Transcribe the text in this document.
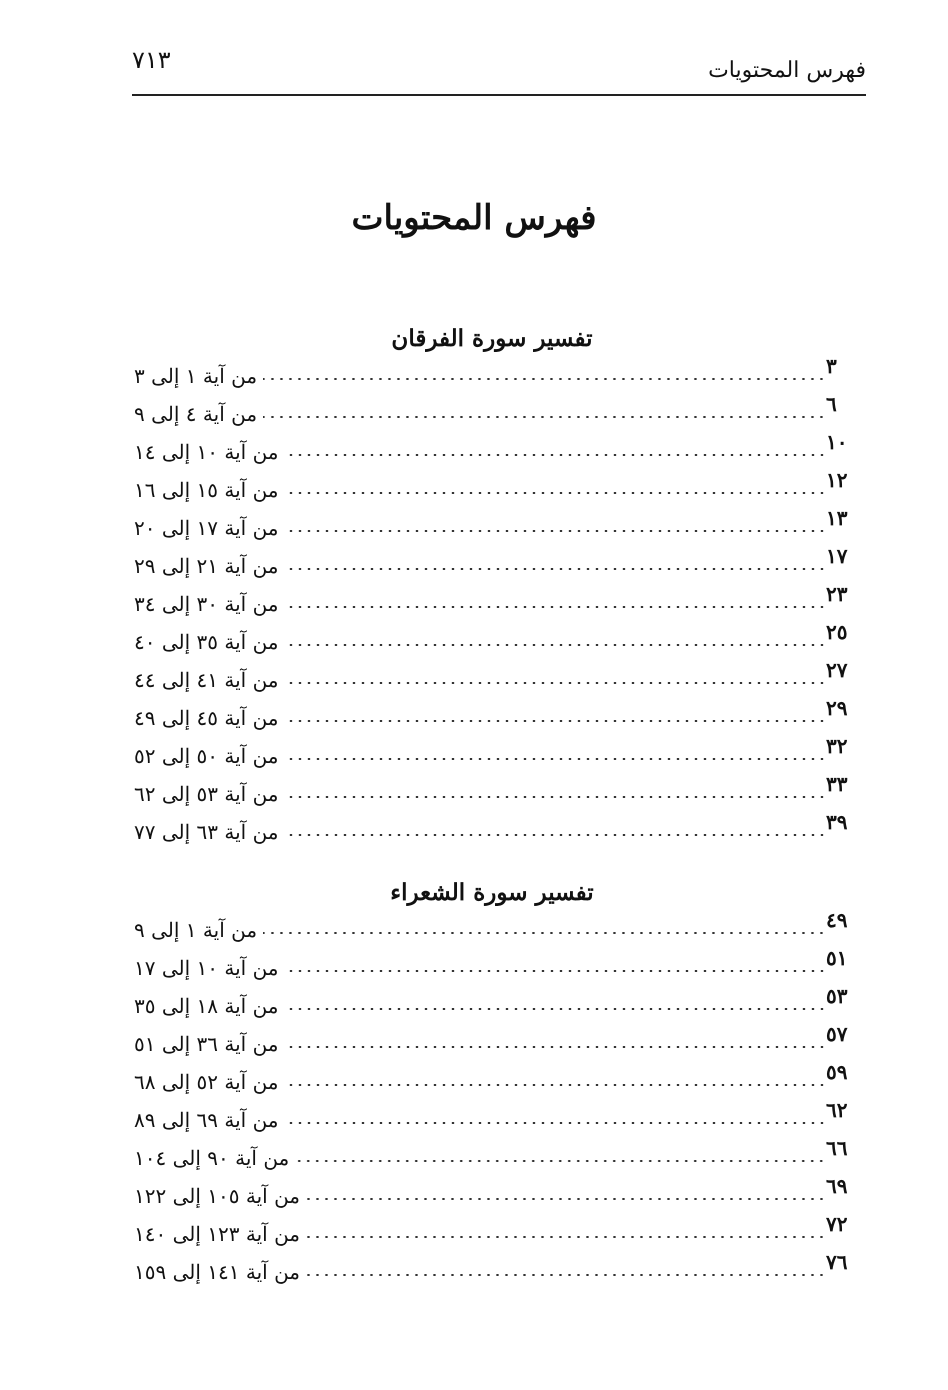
٧١٣	فهرس المحتويات
فهرس المحتويات
تفسير سورة الفرقان
من آية ١ إلى ٣	٣
من آية ٤ إلى ٩	٦
من آية ١٠ إلى ١٤	١٠
من آية ١٥ إلى ١٦	١٢
من آية ١٧ إلى ٢٠	١٣
من آية ٢١ إلى ٢٩	١٧
من آية ٣٠ إلى ٣٤	٢٣
من آية ٣٥ إلى ٤٠	٢٥
من آية ٤١ إلى ٤٤	٢٧
من آية ٤٥ إلى ٤٩	٢٩
من آية ٥٠ إلى ٥٢	٣٢
من آية ٥٣ إلى ٦٢	٣٣
من آية ٦٣ إلى ٧٧	٣٩
تفسير سورة الشعراء
من آية ١ إلى ٩	٤٩
من آية ١٠ إلى ١٧	٥١
من آية ١٨ إلى ٣٥	٥٣
من آية ٣٦ إلى ٥١	٥٧
من آية ٥٢ إلى ٦٨	٥٩
من آية ٦٩ إلى ٨٩	٦٢
من آية ٩٠ إلى ١٠٤	٦٦
من آية ١٠٥ إلى ١٢٢	٦٩
من آية ١٢٣ إلى ١٤٠	٧٢
من آية ١٤١ إلى ١٥٩	٧٦
